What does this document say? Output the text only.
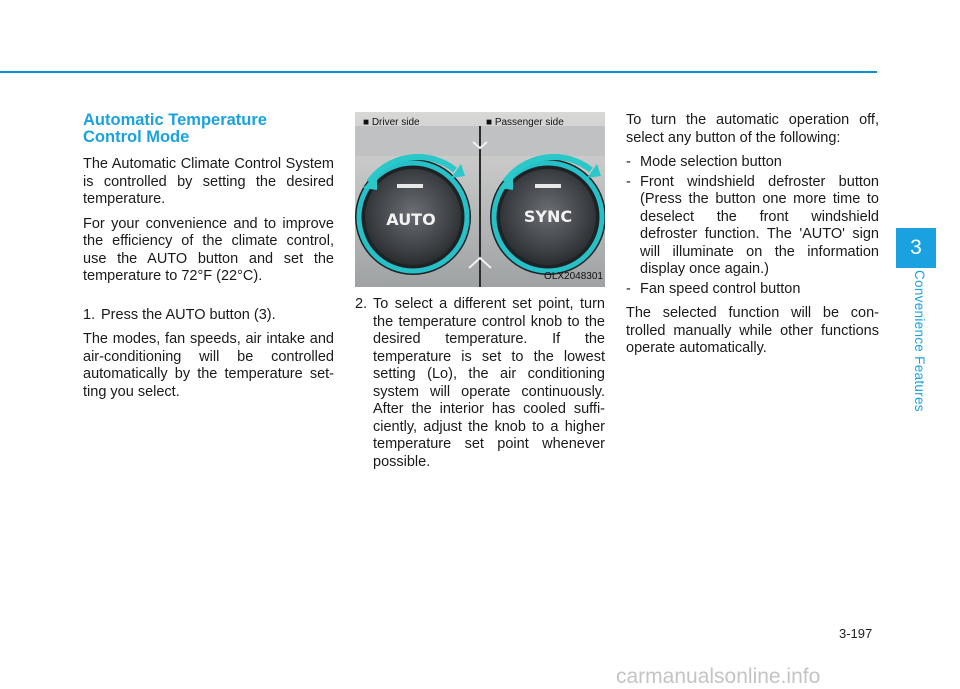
Automatic Temperature
Control Mode

The Automatic Climate Control System is controlled by setting the desired temperature.

For your convenience and to improve the efficiency of the climate control, use the AUTO button and set the temperature to 72°F (22°C).

1. Press the AUTO button (3).

The modes, fan speeds, air intake and air-conditioning will be controlled automatically by the temperature set- ting you select.

AUTO	SYNC
■ Driver side	■ Passenger side
OLX2048301
2. To select a different set point, turn the temperature control knob to the desired temperature. If the temperature is set to the lowest setting (Lo), the air conditioning system will operate continuously. After the interior has cooled suffi- ciently, adjust the knob to a higher temperature set point whenever possible.

To turn the automatic operation off, select any button of the following:

- Mode selection button
- Front windshield defroster button (Press the button one more time to deselect the front windshield defroster function. The 'AUTO' sign will illuminate on the information display once again.)
- Fan speed control button

The selected function will be con- trolled manually while other functions operate automatically.

3
Convenience Features
3-197
carmanualsonline.info
